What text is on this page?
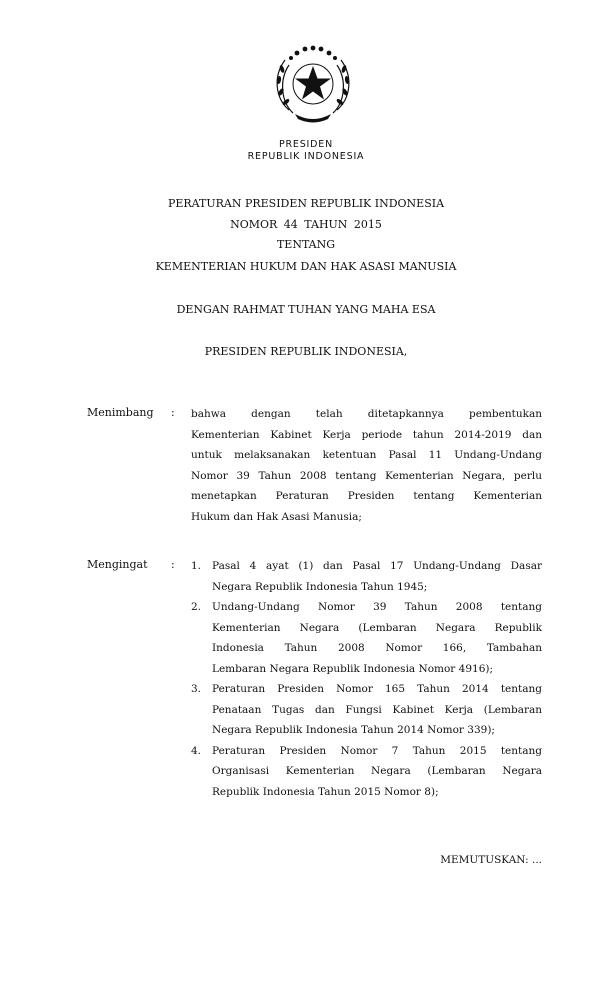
PRESIDEN
REPUBLIK INDONESIA
PERATURAN PRESIDEN REPUBLIK INDONESIA
NOMOR 44 TAHUN 2015
TENTANG
KEMENTERIAN HUKUM DAN HAK ASASI MANUSIA
DENGAN RAHMAT TUHAN YANG MAHA ESA
PRESIDEN REPUBLIK INDONESIA,
Menimbang : bahwa dengan telah ditetapkannya pembentukan
Kementerian Kabinet Kerja periode tahun 2014-2019 dan
untuk melaksanakan ketentuan Pasal 11 Undang-Undang
Nomor 39 Tahun 2008 tentang Kementerian Negara, perlu
menetapkan Peraturan Presiden tentang Kementerian
Hukum dan Hak Asasi Manusia;
Mengingat : 1. Pasal 4 ayat (1) dan Pasal 17 Undang-Undang Dasar
Negara Republik Indonesia Tahun 1945;
2. Undang-Undang Nomor 39 Tahun 2008 tentang
Kementerian Negara (Lembaran Negara Republik
Indonesia Tahun 2008 Nomor 166, Tambahan
Lembaran Negara Republik Indonesia Nomor 4916);
3. Peraturan Presiden Nomor 165 Tahun 2014 tentang
Penataan Tugas dan Fungsi Kabinet Kerja (Lembaran
Negara Republik Indonesia Tahun 2014 Nomor 339);
4. Peraturan Presiden Nomor 7 Tahun 2015 tentang
Organisasi Kementerian Negara (Lembaran Negara
Republik Indonesia Tahun 2015 Nomor 8);
MEMUTUSKAN: ...
